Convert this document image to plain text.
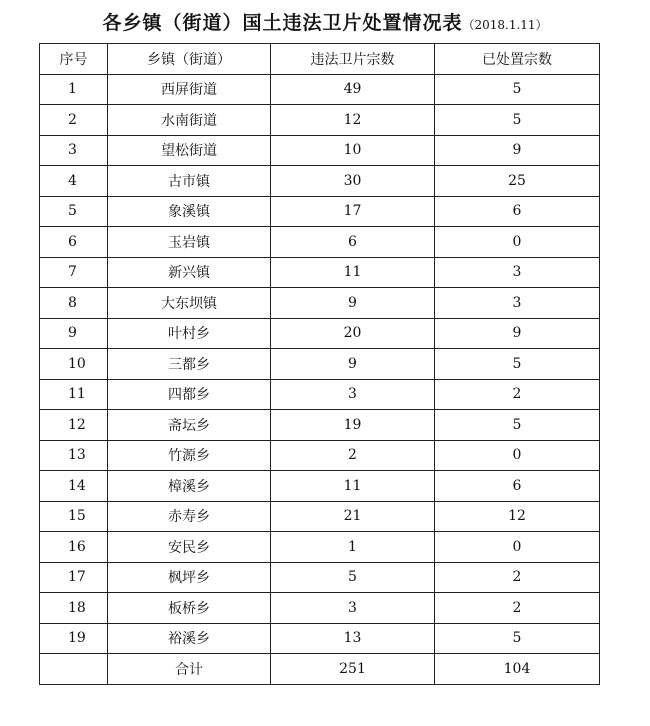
各乡镇（街道）国土违法卫片处置情况表（2018.1.11）
序号	乡镇（街道）	违法卫片宗数	已处置宗数
1	西屏街道	49	5
2	水南街道	12	5
3	望松街道	10	9
4	古市镇	30	25
5	象溪镇	17	6
6	玉岩镇	6	0
7	新兴镇	11	3
8	大东坝镇	9	3
9	叶村乡	20	9
10	三都乡	9	5
11	四都乡	3	2
12	斋坛乡	19	5
13	竹源乡	2	0
14	樟溪乡	11	6
15	赤寿乡	21	12
16	安民乡	1	0
17	枫坪乡	5	2
18	板桥乡	3	2
19	裕溪乡	13	5
	合计	251	104
